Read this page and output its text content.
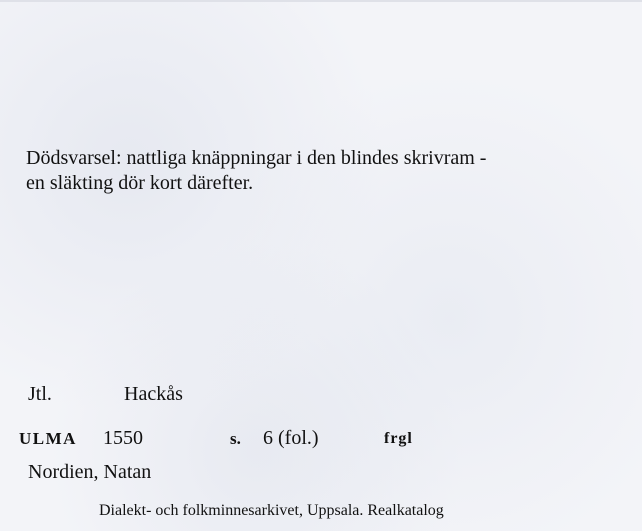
Dödsvarsel: nattliga knäppningar i den blindes skrivram -
en släkting dör kort därefter.
Jtl.	Hackås
ULMA 1550	s. 6 (fol.)	frgl
Nordien, Natan
Dialekt- och folkminnesarkivet, Uppsala. Realkatalog
